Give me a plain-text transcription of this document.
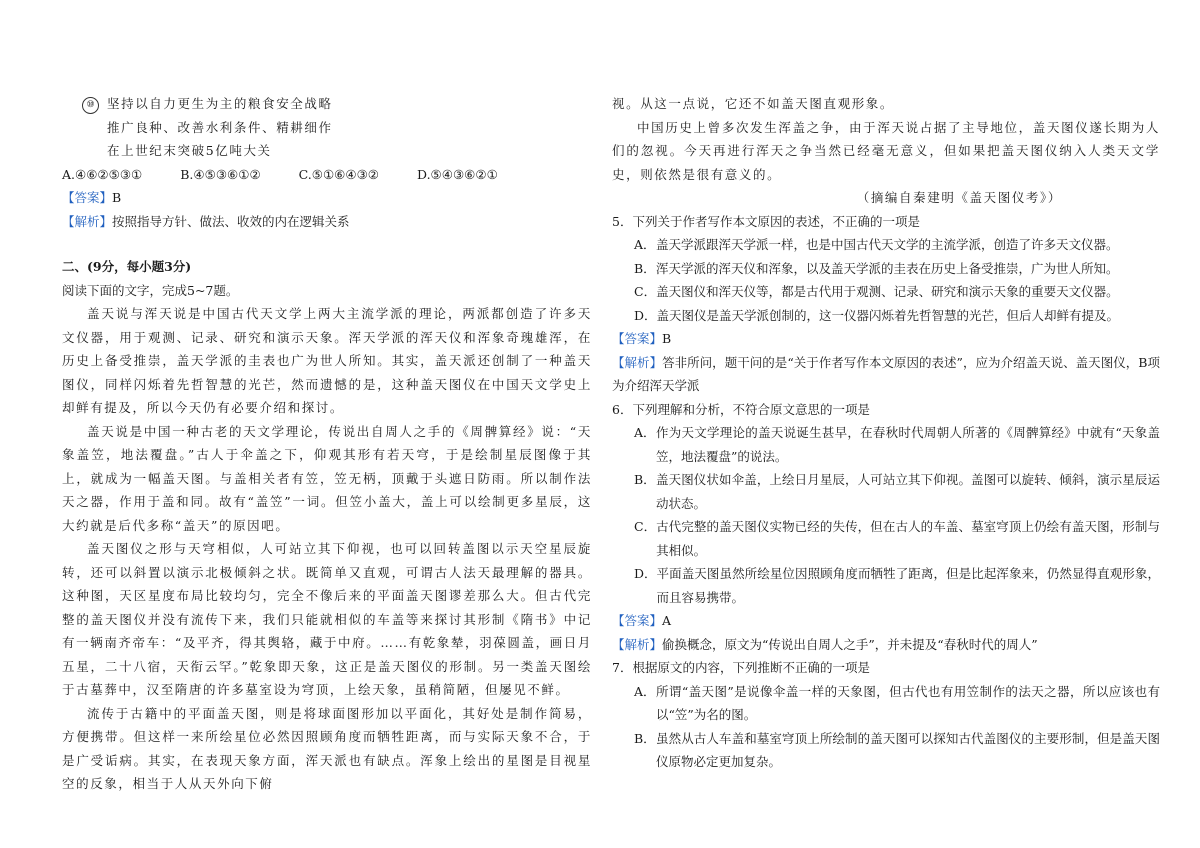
⑩ 坚持以自力更生为主的粮食安全战略
推广良种、改善水利条件、精耕细作
在上世纪末突破5亿吨大关
A.④⑥②⑤③①	B.④⑤③⑥①②	C.⑤①⑥④③②	D.⑤④③⑥②①
【答案】B
【解析】按照指导方针、做法、收效的内在逻辑关系
二、(9分，每小题3分)
阅读下面的文字，完成5~7题。

盖天说与浑天说是中国古代天文学上两大主流学派的理论，两派都创造了许多天文仪器，用于观测、记录、研究和演示天象。浑天学派的浑天仪和浑象奇瑰雄浑，在历史上备受推崇，盖天学派的圭表也广为世人所知。其实，盖天派还创制了一种盖天图仪，同样闪烁着先哲智慧的光芒，然而遗憾的是，这种盖天图仪在中国天文学史上却鲜有提及，所以今天仍有必要介绍和探讨。

盖天说是中国一种古老的天文学理论，传说出自周人之手的《周髀算经》说：“天象盖笠，地法覆盘。”古人于伞盖之下，仰观其形有若天穹，于是绘制星辰图像于其上，就成为一幅盖天图。与盖相关者有笠，笠无柄，顶戴于头遮日防雨。所以制作法天之器，作用于盖和同。故有“盖笠”一词。但笠小盖大，盖上可以绘制更多星辰，这大约就是后代多称“盖天”的原因吧。

盖天图仪之形与天穹相似，人可站立其下仰视，也可以回转盖图以示天空星辰旋转，还可以斜置以演示北极倾斜之状。既简单又直观，可谓古人法天最理解的器具。这种图，天区星度布局比较均匀，完全不像后来的平面盖天图谬差那么大。但古代完整的盖天图仪并没有流传下来，我们只能就相似的车盖等来探讨其形制《隋书》中记有一辆南齐帝车：“及平齐，得其舆辂，藏于中府。……有乾象辇，羽葆圆盖，画日月五星，二十八宿，天衔云罕。”乾象即天象，这正是盖天图仪的形制。另一类盖天图绘于古墓葬中，汉至隋唐的许多墓室设为穹顶，上绘天象，虽稍简陋，但屡见不鲜。

流传于古籍中的平面盖天图，则是将球面图形加以平面化，其好处是制作简易，方便携带。但这样一来所绘星位必然因照顾角度而牺牲距离，而与实际天象不合，于是广受诟病。其实，在表现天象方面，浑天派也有缺点。浑象上绘出的星图是目视星空的反象，相当于人从天外向下俯

视。从这一点说，它还不如盖天图直观形象。

中国历史上曾多次发生浑盖之争，由于浑天说占据了主导地位，盖天图仪遂长期为人们的忽视。今天再进行浑天之争当然已经毫无意义，但如果把盖天图仪纳入人类天文学史，则依然是很有意义的。

（摘编自秦建明《盖天图仪考》）
5．下列关于作者写作本文原因的表述，不正确的一项是
A． 盖天学派跟浑天学派一样，也是中国古代天文学的主流学派，创造了许多天文仪器。
B． 浑天学派的浑天仪和浑象，以及盖天学派的圭表在历史上备受推崇，广为世人所知。
C． 盖天图仪和浑天仪等，都是古代用于观测、记录、研究和演示天象的重要天文仪器。
D． 盖天图仪是盖天学派创制的，这一仪器闪烁着先哲智慧的光芒，但后人却鲜有提及。
【答案】B
【解析】答非所问，题干问的是“关于作者写作本文原因的表述”，应为介绍盖天说、盖天图仪，B项为介绍浑天学派
6．下列理解和分析，不符合原文意思的一项是
A． 作为天文学理论的盖天说诞生甚早，在春秋时代周朝人所著的《周髀算经》中就有“天象盖笠，地法覆盘”的说法。
B． 盖天图仪状如伞盖，上绘日月星辰，人可站立其下仰视。盖图可以旋转、倾斜，演示星辰运动状态。
C． 古代完整的盖天图仪实物已经的失传，但在古人的车盖、墓室穹顶上仍绘有盖天图，形制与其相似。
D． 平面盖天图虽然所绘星位因照顾角度而牺牲了距离，但是比起浑象来，仍然显得直观形象，而且容易携带。
【答案】A
【解析】偷换概念，原文为“传说出自周人之手”，并未提及“春秋时代的周人”
7．根据原文的内容，下列推断不正确的一项是
A． 所谓“盖天图”是说像伞盖一样的天象图，但古代也有用笠制作的法天之器，所以应该也有以“笠”为名的图。
B． 虽然从古人车盖和墓室穹顶上所绘制的盖天图可以探知古代盖图仪的主要形制，但是盖天图仪原物必定更加复杂。
